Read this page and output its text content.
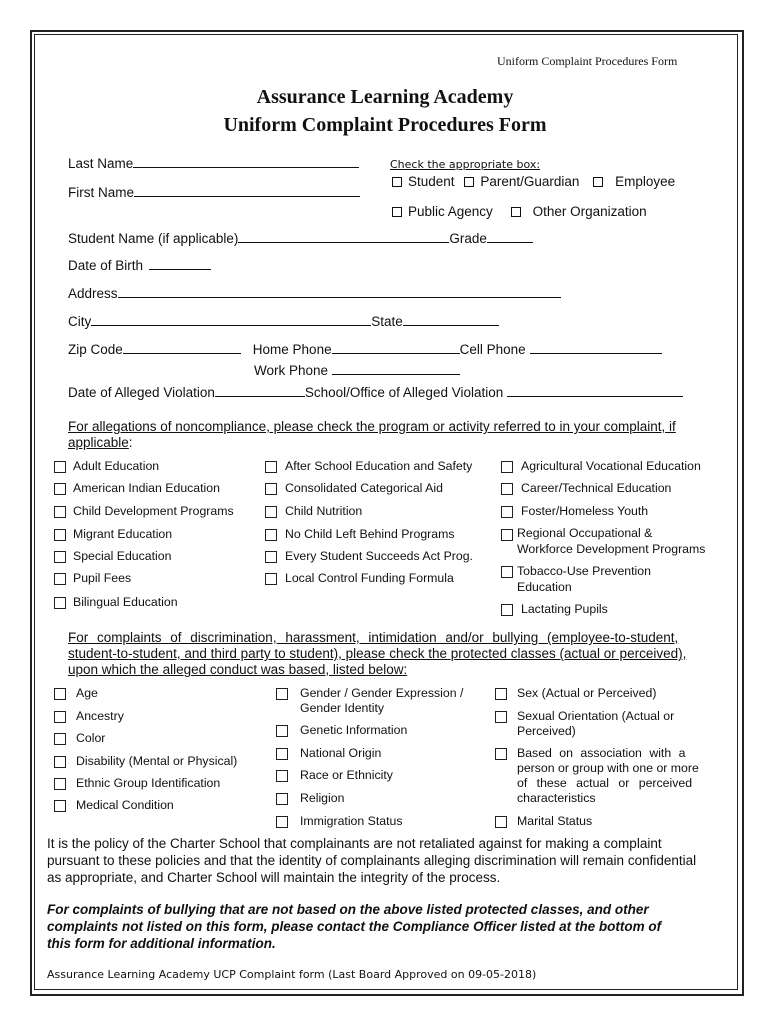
Uniform Complaint Procedures Form
Assurance Learning Academy
Uniform Complaint Procedures Form
Last Name
First Name
Check the appropriate box:
Student Parent/Guardian	Employee
Public Agency	Other Organization
Student Name (if applicable)	Grade
Date of Birth
Address
City	State
Zip Code	Home Phone	Cell Phone
Work Phone
Date of Alleged Violation	School/Office of Alleged Violation
For allegations of noncompliance, please check the program or activity referred to in your complaint, if
applicable:
Adult Education
American Indian Education
Child Development Programs
Migrant Education
Special Education
Pupil Fees
Bilingual Education
After School Education and Safety
Consolidated Categorical Aid
Child Nutrition
No Child Left Behind Programs
Every Student Succeeds Act Prog.
Local Control Funding Formula
Agricultural Vocational Education
Career/Technical Education
Foster/Homeless Youth
Regional Occupational &
Workforce Development Programs
Tobacco-Use Prevention
Education
Lactating Pupils
For complaints of discrimination, harassment, intimidation and/or bullying (employee-to-student,
student-to-student, and third party to student), please check the protected classes (actual or perceived),
upon which the alleged conduct was based, listed below:
Age
Ancestry
Color
Disability (Mental or Physical)
Ethnic Group Identification
Medical Condition
Gender / Gender Expression /
Gender Identity
Genetic Information
National Origin
Race or Ethnicity
Religion
Immigration Status
Sex (Actual or Perceived)
Sexual Orientation (Actual or
Perceived)
Based on association with a
person or group with one or more
of these actual or perceived
characteristics
Marital Status
It is the policy of the Charter School that complainants are not retaliated against for making a complaint
pursuant to these policies and that the identity of complainants alleging discrimination will remain confidential
as appropriate, and Charter School will maintain the integrity of the process.
For complaints of bullying that are not based on the above listed protected classes, and other
complaints not listed on this form, please contact the Compliance Officer listed at the bottom of
this form for additional information.
Assurance Learning Academy UCP Complaint form (Last Board Approved on 09-05-2018)
